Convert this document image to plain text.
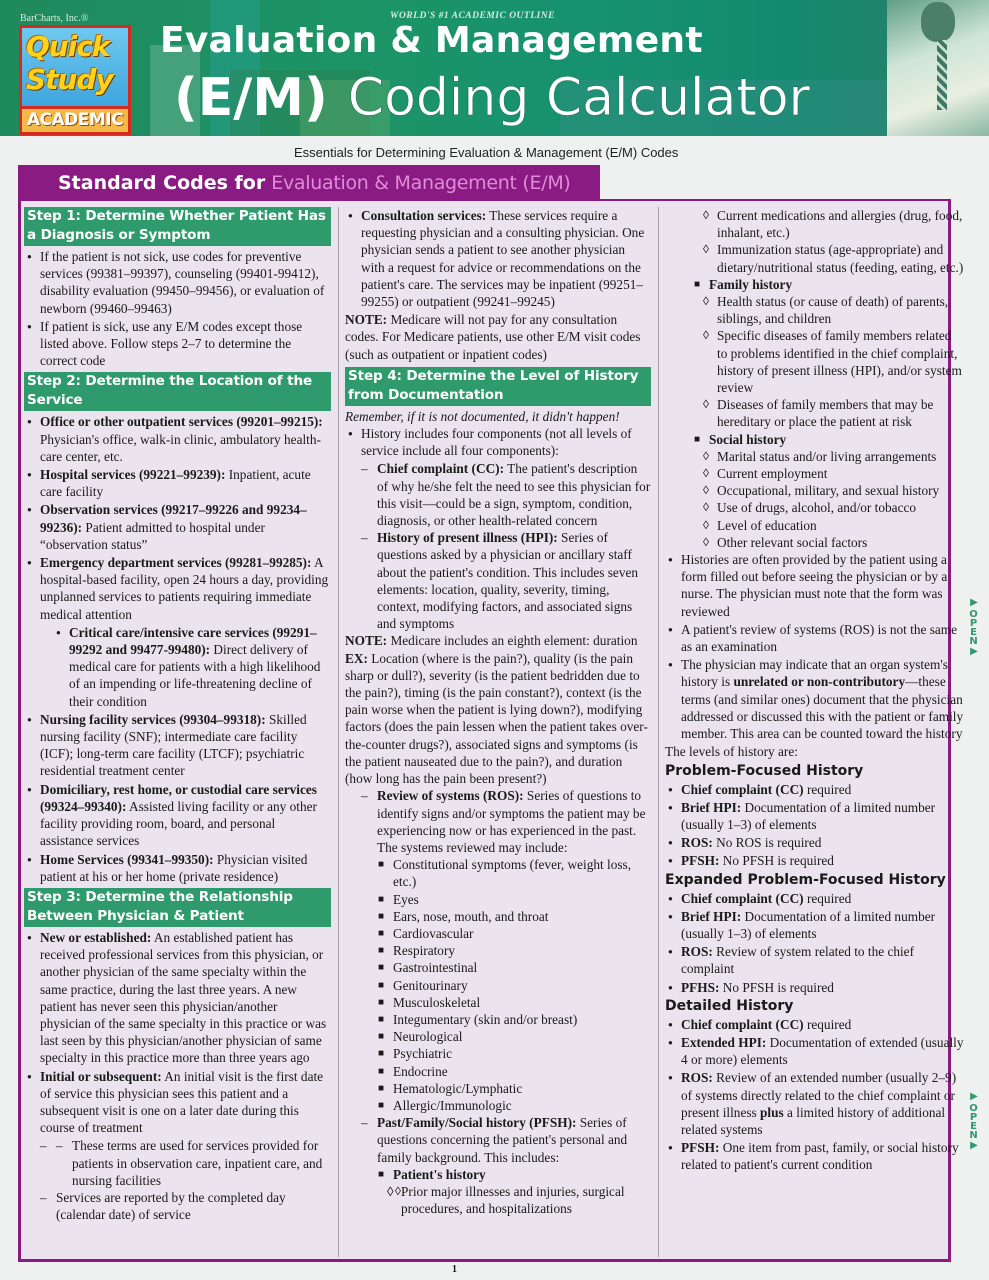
BarCharts, Inc.®	WORLD'S #1 ACADEMIC OUTLINE
Quick
Study
ACADEMIC
Evaluation & Management
(E/M) Coding Calculator
Essentials for Determining Evaluation & Management (E/M) Codes
Standard Codes for Evaluation & Management (E/M)
Step 1: Determine Whether Patient Has a Diagnosis or Symptom
● If the patient is not sick, use codes for preventive services (99381–99397), counseling (99401-99412), disability evaluation (99450–99456), or evaluation of newborn (99460–99463)
● If patient is sick, use any E/M codes except those listed above. Follow steps 2–7 to determine the correct code
Step 2: Determine the Location of the Service
● Office or other outpatient services (99201–99215): Physician's office, walk-in clinic, ambulatory health-care center, etc.
● Hospital services (99221–99239): Inpatient, acute care facility
● Observation services (99217–99226 and 99234–99236): Patient admitted to hospital under “observation status”
● Emergency department services (99281–99285): A hospital-based facility, open 24 hours a day, providing unplanned services to patients requiring immediate medical attention
● Critical care/intensive care services (99291–99292 and 99477-99480): Direct delivery of medical care for patients with a high likelihood of an impending or life-threatening decline of their condition
● Nursing facility services (99304–99318): Skilled nursing facility (SNF); intermediate care facility (ICF); long-term care facility (LTCF); psychiatric residential treatment center
● Domiciliary, rest home, or custodial care services (99324–99340): Assisted living facility or any other facility providing room, board, and personal assistance services
● Home Services (99341–99350): Physician visited patient at his or her home (private residence)
Step 3: Determine the Relationship Between Physician & Patient
● New or established: An established patient has received professional services from this physician, or another physician of the same specialty within the same practice, during the last three years. A new patient has never seen this physician/another physician of the same specialty in this practice or was last seen by this physician/another physician of same specialty in this practice more than three years ago
● Initial or subsequent: An initial visit is the first date of service this physician sees this patient and a subsequent visit is one on a later date during this course of treatment
– – These terms are used for services provided for patients in observation care, inpatient care, and nursing facilities
– Services are reported by the completed day (calendar date) of service
● Consultation services: These services require a requesting physician and a consulting physician. One physician sends a patient to see another physician with a request for advice or recommendations on the patient's care. The services may be inpatient (99251–99255) or outpatient (99241–99245)

NOTE: Medicare will not pay for any consultation codes. For Medicare patients, use other E/M visit codes (such as outpatient or inpatient codes)

Step 4: Determine the Level of History from Documentation

Remember, if it is not documented, it didn't happen!

● History includes four components (not all levels of service include all four components):
– Chief complaint (CC): The patient's description of why he/she felt the need to see this physician for this visit—could be a sign, symptom, condition, diagnosis, or other health-related concern
– History of present illness (HPI): Series of questions asked by a physician or ancillary staff about the patient's condition. This includes seven elements: location, quality, severity, timing, context, modifying factors, and associated signs and symptoms

NOTE: Medicare includes an eighth element: duration

EX: Location (where is the pain?), quality (is the pain sharp or dull?), severity (is the patient bedridden due to the pain?), timing (is the pain constant?), context (is the pain worse when the patient is lying down?), modifying factors (does the pain lessen when the patient takes over-the-counter drugs?), associated signs and symptoms (is the patient nauseated due to the pain?), and duration (how long has the pain been present?)

– Review of systems (ROS): Series of questions to identify signs and/or symptoms the patient may be experiencing now or has experienced in the past. The systems reviewed may include:
■ Constitutional symptoms (fever, weight loss, etc.)
■ Eyes
■ Ears, nose, mouth, and throat
■ Cardiovascular
■ Respiratory
■ Gastrointestinal
■ Genitourinary
■ Musculoskeletal
■ Integumentary (skin and/or breast)
■ Neurological
■ Psychiatric
■ Endocrine
■ Hematologic/Lymphatic
■ Allergic/Immunologic
– Past/Family/Social history (PFSH): Series of questions concerning the patient's personal and family background. This includes:
■ Patient's history
◊ ◊ Prior major illnesses and injuries, surgical procedures, and hospitalizations
◊ Current medications and allergies (drug, food, inhalant, etc.)
◊ Immunization status (age-appropriate) and dietary/nutritional status (feeding, eating, etc.)
■ Family history
◊ Health status (or cause of death) of parents, siblings, and children
◊ Specific diseases of family members related to problems identified in the chief complaint, history of present illness (HPI), and/or system review
◊ Diseases of family members that may be hereditary or place the patient at risk
■ Social history
◊ Marital status and/or living arrangements
◊ Current employment
◊ Occupational, military, and sexual history
◊ Use of drugs, alcohol, and/or tobacco
◊ Level of education
◊ Other relevant social factors
● Histories are often provided by the patient using a form filled out before seeing the physician or by a nurse. The physician must note that the form was reviewed
● A patient's review of systems (ROS) is not the same as an examination
● The physician may indicate that an organ system's history is unrelated or non-contributory—these terms (and similar ones) document that the physician addressed or discussed this with the patient or family member. This area can be counted toward the history

The levels of history are:

Problem-Focused History
● Chief complaint (CC) required
● Brief HPI: Documentation of a limited number (usually 1–3) of elements
● ROS: No ROS is required
● PFSH: No PFSH is required
Expanded Problem-Focused History
● Chief complaint (CC) required
● Brief HPI: Documentation of a limited number (usually 1–3) of elements
● ROS: Review of system related to the chief complaint
● PFHS: No PFSH is required
Detailed History
● Chief complaint (CC) required
● Extended HPI: Documentation of extended (usually 4 or more) elements
● ROS: Review of an extended number (usually 2–9) of systems directly related to the chief complaint or present illness plus a limited history of additional related systems
● PFSH: One item from past, family, or social history related to patient's current condition
▶
OPEN
▶
▶
OPEN
▶
1
